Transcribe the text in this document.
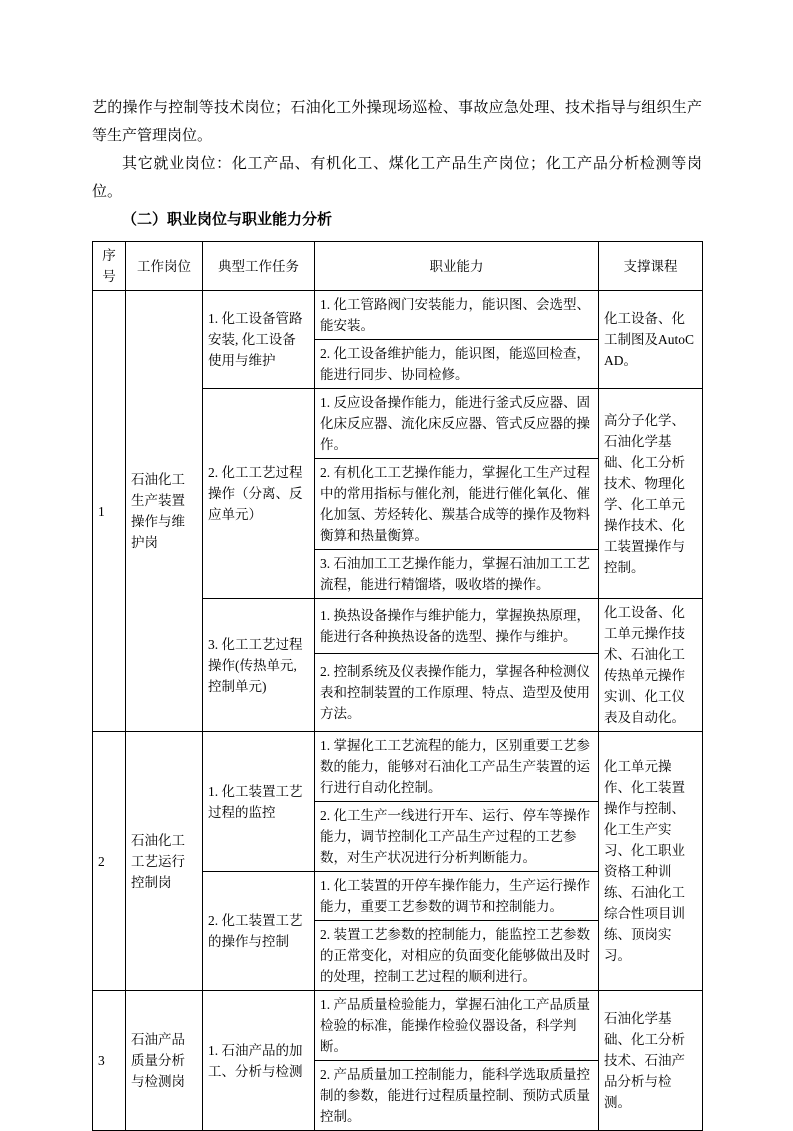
艺的操作与控制等技术岗位；石油化工外操现场巡检、事故应急处理、技术指导与组织生产等生产管理岗位。

其它就业岗位：化工产品、有机化工、煤化工产品生产岗位；化工产品分析检测等岗位。

（二）职业岗位与职业能力分析

序号	工作岗位	典型工作任务	职业能力	支撑课程
1	石油化工生产装置操作与维护岗	1. 化工设备管路安装, 化工设备使用与维护	1. 化工管路阀门安装能力，能识图、会选型、能安装。	化工设备、化工制图及AutoCAD。
			2. 化工设备维护能力，能识图，能巡回检查，能进行同步、协同检修。	
		2. 化工工艺过程操作（分离、反应单元）	1. 反应设备操作能力，能进行釜式反应器、固化床反应器、流化床反应器、管式反应器的操作。	高分子化学、石油化学基础、化工分析技术、物理化学、化工单元操作技术、化工装置操作与控制。
			2. 有机化工工艺操作能力，掌握化工生产过程中的常用指标与催化剂，能进行催化氧化、催化加氢、芳烃转化、羰基合成等的操作及物料衡算和热量衡算。	
			3. 石油加工工艺操作能力，掌握石油加工工艺流程，能进行精馏塔，吸收塔的操作。	
		3. 化工工艺过程操作(传热单元, 控制单元)	1. 换热设备操作与维护能力，掌握换热原理，能进行各种换热设备的选型、操作与维护。	化工设备、化工单元操作技术、石油化工传热单元操作实训、化工仪表及自动化。
			2. 控制系统及仪表操作能力，掌握各种检测仪表和控制装置的工作原理、特点、造型及使用方法。	
2	石油化工工艺运行控制岗	1. 化工装置工艺过程的监控	1. 掌握化工工艺流程的能力，区别重要工艺参数的能力，能够对石油化工产品生产装置的运行进行自动化控制。	化工单元操作、化工装置操作与控制、化工生产实习、化工职业资格工种训练、石油化工综合性项目训练、顶岗实习。
			2. 化工生产一线进行开车、运行、停车等操作能力，调节控制化工产品生产过程的工艺参数，对生产状况进行分析判断能力。	
		2. 化工装置工艺的操作与控制	1. 化工装置的开停车操作能力，生产运行操作能力，重要工艺参数的调节和控制能力。	
			2. 装置工艺参数的控制能力，能监控工艺参数的正常变化，对相应的负面变化能够做出及时的处理，控制工艺过程的顺利进行。	
3	石油产品质量分析与检测岗	1. 石油产品的加工、分析与检测	1. 产品质量检验能力，掌握石油化工产品质量检验的标准，能操作检验仪器设备，科学判断。	石油化学基础、化工分析技术、石油产品分析与检测。
			2. 产品质量加工控制能力，能科学选取质量控制的参数，能进行过程质量控制、预防式质量控制。	
